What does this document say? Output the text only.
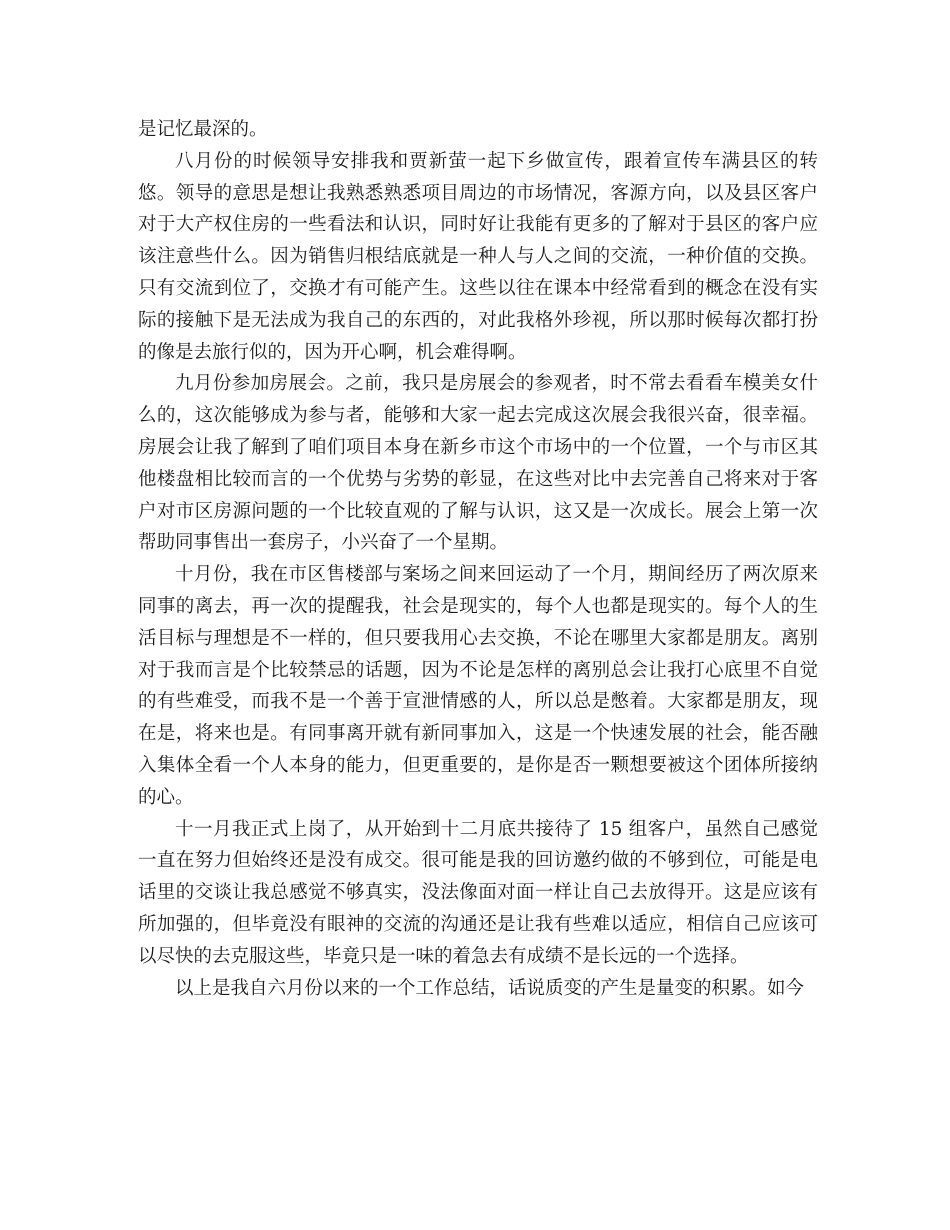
是记忆最深的。

八月份的时候领导安排我和贾新萤一起下乡做宣传，跟着宣传车满县区的转悠。领导的意思是想让我熟悉熟悉项目周边的市场情况，客源方向，以及县区客户对于大产权住房的一些看法和认识，同时好让我能有更多的了解对于县区的客户应该注意些什么。因为销售归根结底就是一种人与人之间的交流，一种价值的交换。只有交流到位了，交换才有可能产生。这些以往在课本中经常看到的概念在没有实际的接触下是无法成为我自己的东西的，对此我格外珍视，所以那时候每次都打扮的像是去旅行似的，因为开心啊，机会难得啊。

九月份参加房展会。之前，我只是房展会的参观者，时不常去看看车模美女什么的，这次能够成为参与者，能够和大家一起去完成这次展会我很兴奋，很幸福。房展会让我了解到了咱们项目本身在新乡市这个市场中的一个位置，一个与市区其他楼盘相比较而言的一个优势与劣势的彰显，在这些对比中去完善自己将来对于客户对市区房源问题的一个比较直观的了解与认识，这又是一次成长。展会上第一次帮助同事售出一套房子，小兴奋了一个星期。

十月份，我在市区售楼部与案场之间来回运动了一个月，期间经历了两次原来同事的离去，再一次的提醒我，社会是现实的，每个人也都是现实的。每个人的生活目标与理想是不一样的，但只要我用心去交换，不论在哪里大家都是朋友。离别对于我而言是个比较禁忌的话题，因为不论是怎样的离别总会让我打心底里不自觉的有些难受，而我不是一个善于宣泄情感的人，所以总是憋着。大家都是朋友，现在是，将来也是。有同事离开就有新同事加入，这是一个快速发展的社会，能否融入集体全看一个人本身的能力，但更重要的，是你是否一颗想要被这个团体所接纳的心。

十一月我正式上岗了，从开始到十二月底共接待了 15 组客户，虽然自己感觉一直在努力但始终还是没有成交。很可能是我的回访邀约做的不够到位，可能是电话里的交谈让我总感觉不够真实，没法像面对面一样让自己去放得开。这是应该有所加强的，但毕竟没有眼神的交流的沟通还是让我有些难以适应，相信自己应该可以尽快的去克服这些，毕竟只是一味的着急去有成绩不是长远的一个选择。

以上是我自六月份以来的一个工作总结，话说质变的产生是量变的积累。如今
